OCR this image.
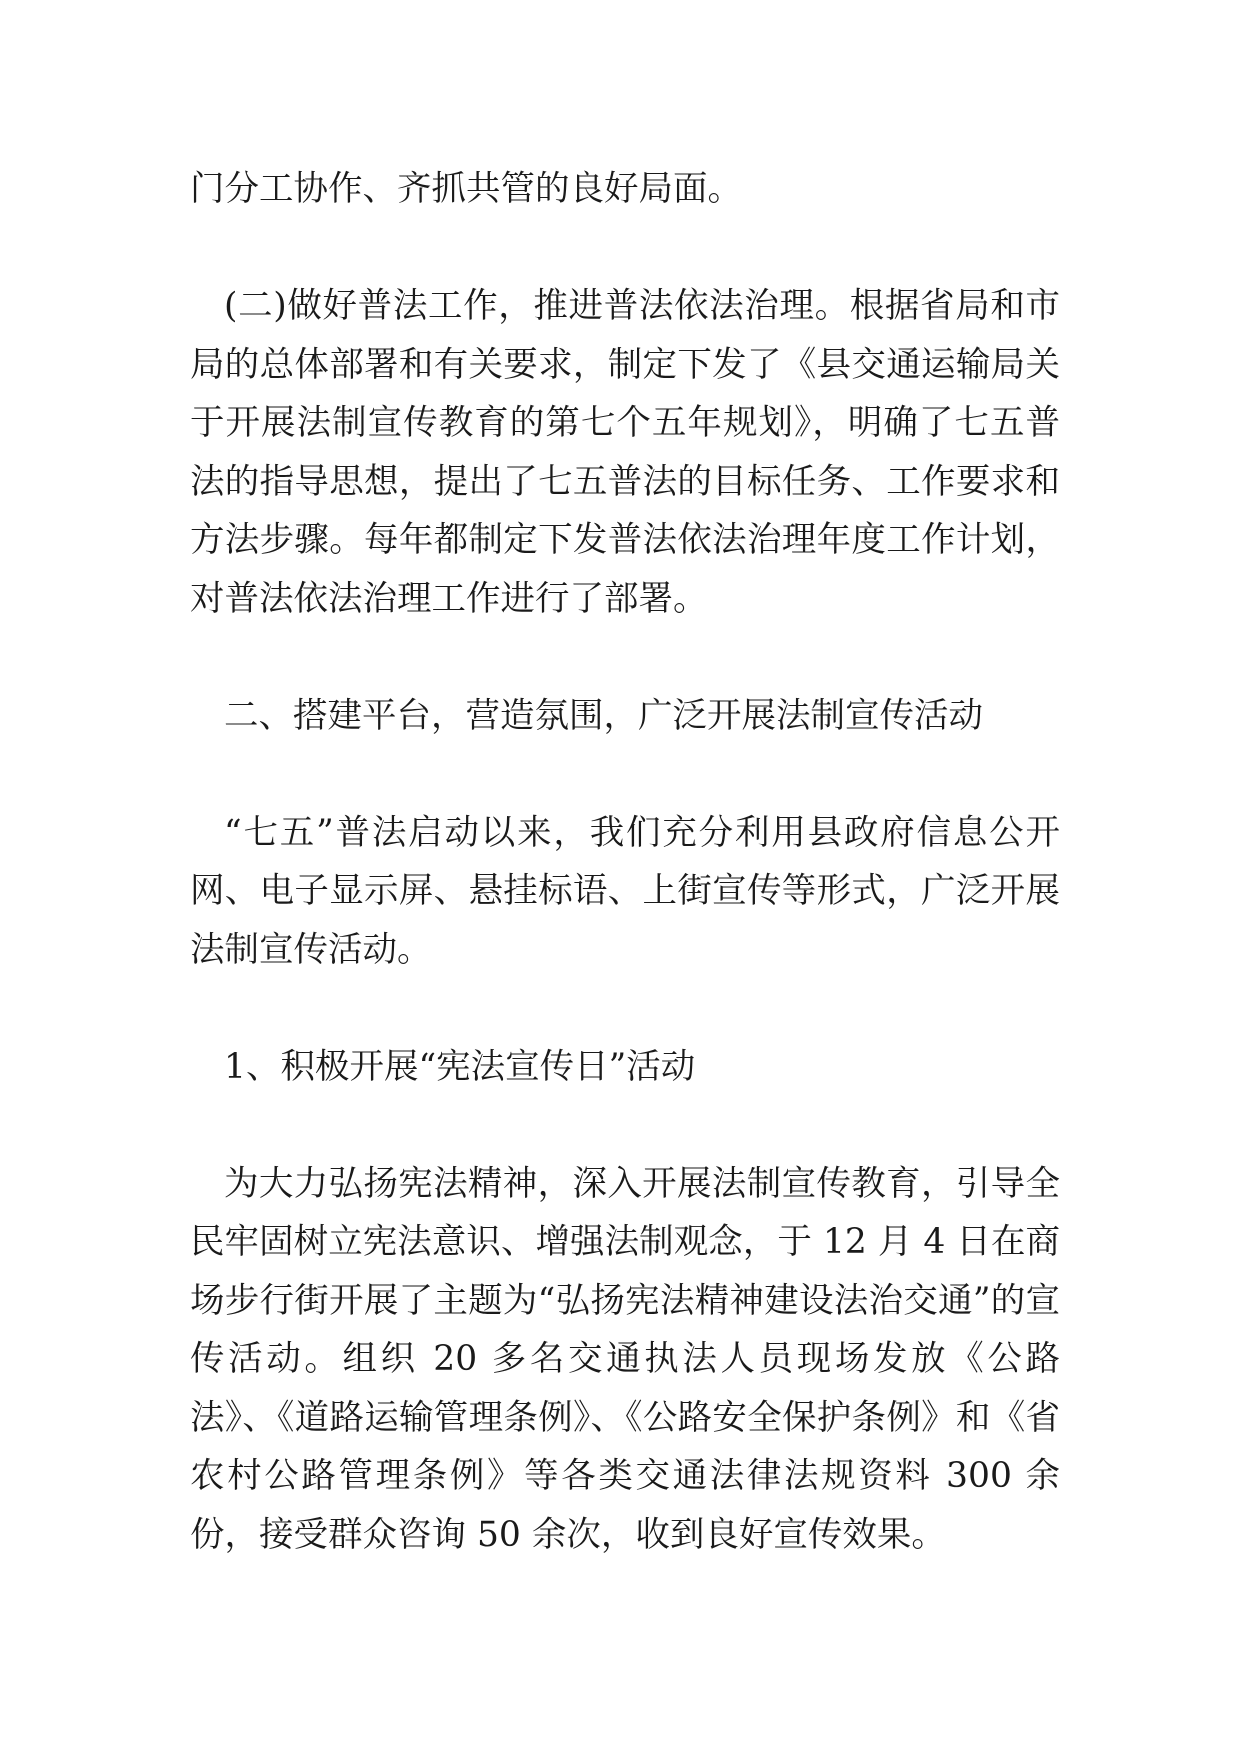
门分工协作、齐抓共管的良好局面。

(二)做好普法工作，推进普法依法治理。根据省局和市局的总体部署和有关要求，制定下发了《县交通运输局关于开展法制宣传教育的第七个五年规划》，明确了七五普法的指导思想，提出了七五普法的目标任务、工作要求和方法步骤。每年都制定下发普法依法治理年度工作计划，对普法依法治理工作进行了部署。

二、搭建平台，营造氛围，广泛开展法制宣传活动

“七五”普法启动以来，我们充分利用县政府信息公开网、电子显示屏、悬挂标语、上街宣传等形式，广泛开展法制宣传活动。

1、积极开展“宪法宣传日”活动

为大力弘扬宪法精神，深入开展法制宣传教育，引导全民牢固树立宪法意识、增强法制观念，于 12 月 4 日在商场步行街开展了主题为“弘扬宪法精神建设法治交通”的宣传活动。组织 20 多名交通执法人员现场发放《公路法》、《道路运输管理条例》、《公路安全保护条例》和《省农村公路管理条例》等各类交通法律法规资料 300 余份，接受群众咨询 50 余次，收到良好宣传效果。
